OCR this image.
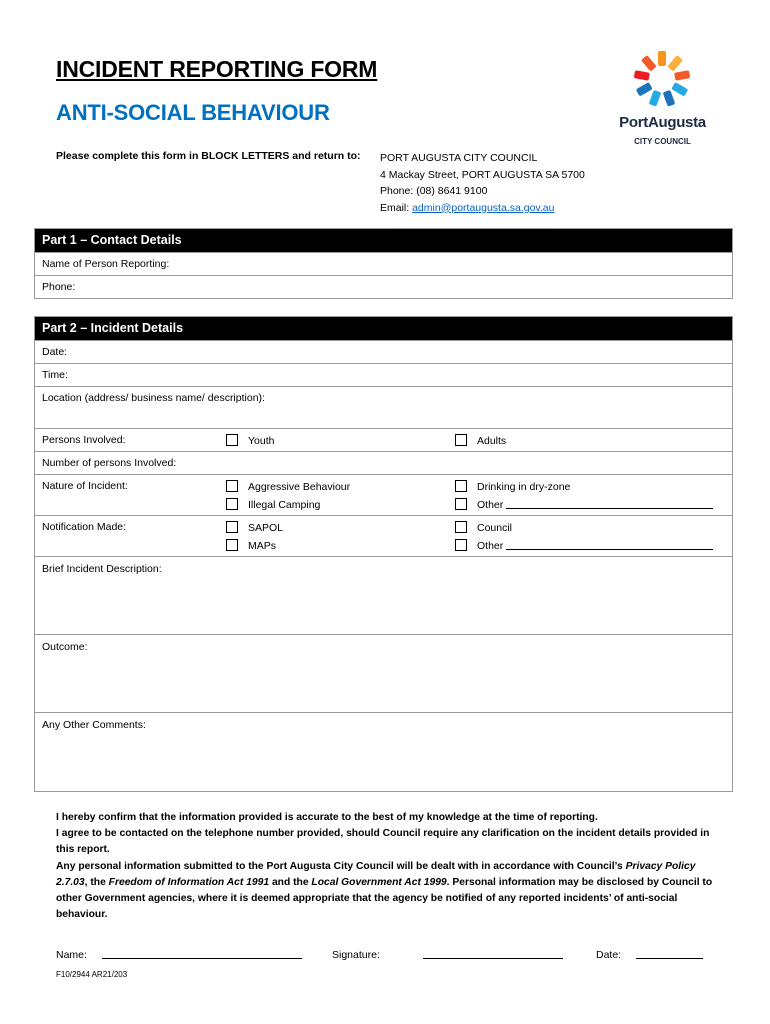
INCIDENT REPORTING FORM
ANTI-SOCIAL BEHAVIOUR	PortAugusta
CITY COUNCIL
Please complete this form in BLOCK LETTERS and return to: PORT AUGUSTA CITY COUNCIL
4 Mackay Street, PORT AUGUSTA SA 5700
Phone: (08) 8641 9100
Email: admin@portaugusta.sa.gov.au
Part 1 – Contact Details
Name of Person Reporting:
Phone:
Part 2 – Incident Details
Date:
Time:
Location (address/ business name/ description):
Persons Involved:	Youth	Adults
Number of persons Involved:
Nature of Incident:	Aggressive Behaviour	Drinking in dry-zone
Illegal Camping	Other
Notification Made:	SAPOL	Council
MAPs	Other
Brief Incident Description:
Outcome:
Any Other Comments:
I hereby confirm that the information provided is accurate to the best of my knowledge at the time of reporting.
I agree to be contacted on the telephone number provided, should Council require any clarification on the incident details provided in this report.
Any personal information submitted to the Port Augusta City Council will be dealt with in accordance with Council’s Privacy Policy 2.7.03, the Freedom of Information Act 1991 and the Local Government Act 1999. Personal information may be disclosed by Council to other Government agencies, where it is deemed appropriate that the agency be notified of any reported incidents’ of anti-social behaviour.
Name:	Signature:	Date:
F10/2944 AR21/203
